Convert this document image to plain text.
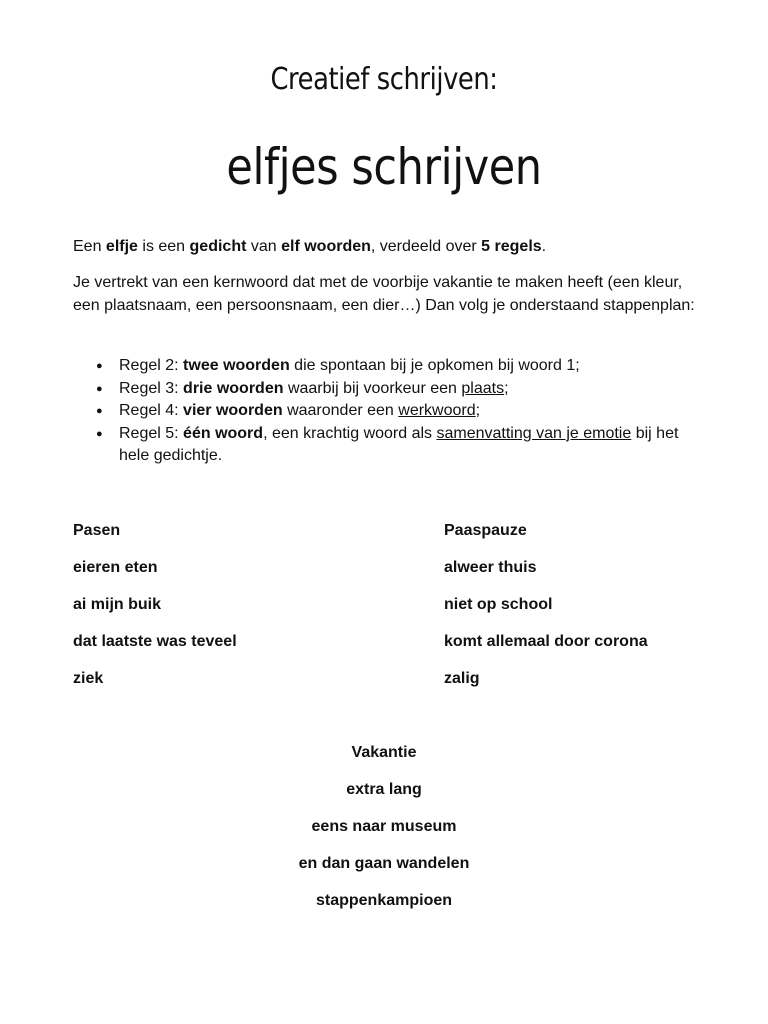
Creatief schrijven:
elfjes schrijven
Een elfje is een gedicht van elf woorden, verdeeld over 5 regels.
Je vertrekt van een kernwoord dat met de voorbije vakantie te maken heeft (een kleur, een plaatsnaam, een persoonsnaam, een dier…) Dan volg je onderstaand stappenplan:
● Regel 2: twee woorden die spontaan bij je opkomen bij woord 1;
● Regel 3: drie woorden waarbij bij voorkeur een plaats;
● Regel 4: vier woorden waaronder een werkwoord;
● Regel 5: één woord, een krachtig woord als samenvatting van je emotie bij het hele gedichtje.
Pasen
eieren eten
ai mijn buik
dat laatste was teveel
ziek
Paaspauze
alweer thuis
niet op school
komt allemaal door corona
zalig
Vakantie
extra lang
eens naar museum
en dan gaan wandelen
stappenkampioen
